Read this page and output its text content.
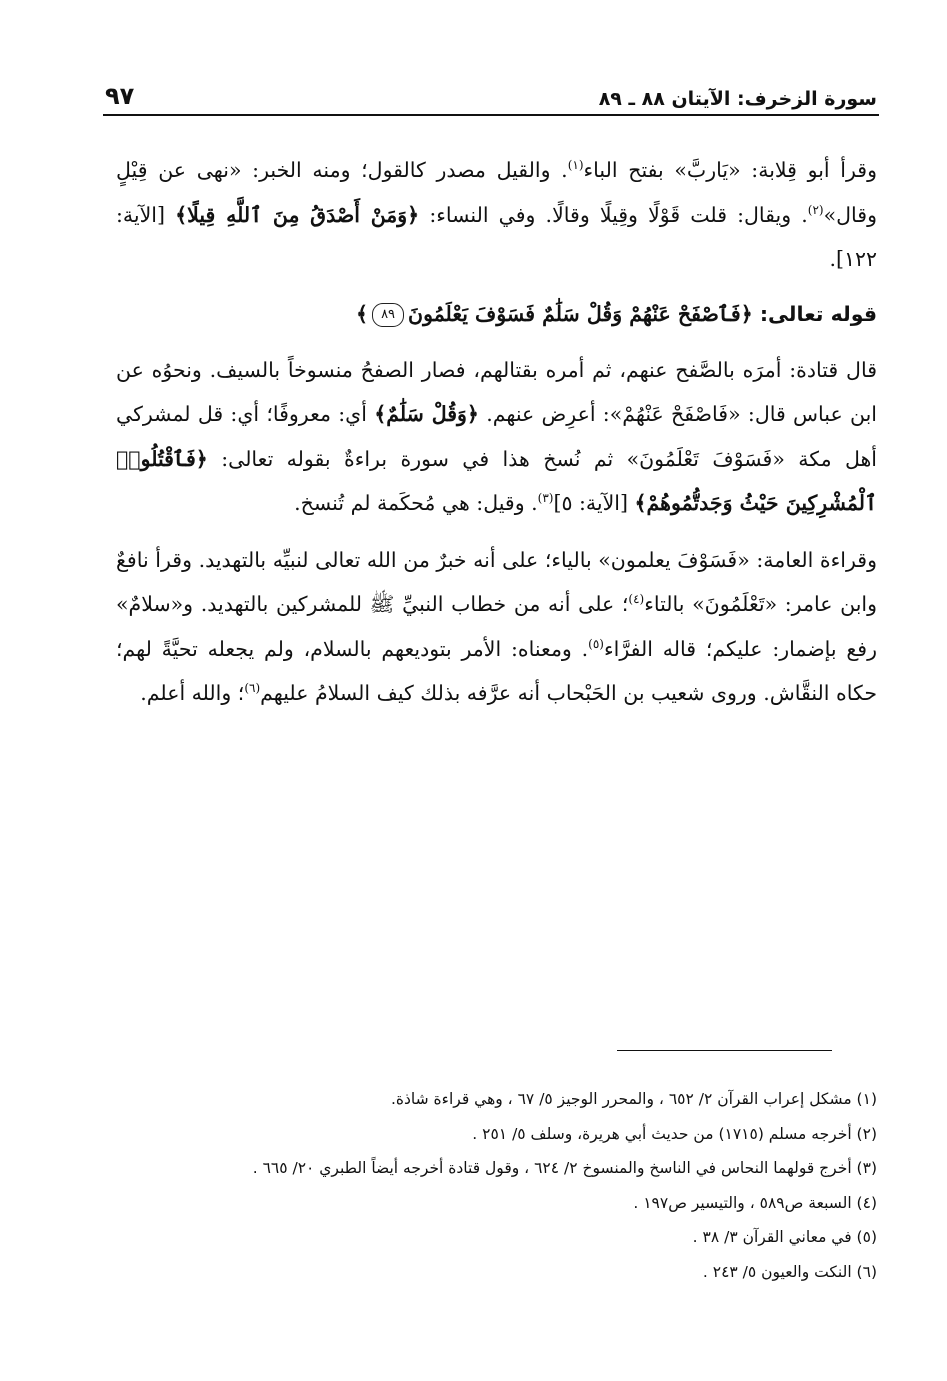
سورة الزخرف: الآيتان ٨٨ ـ ٨٩
٩٧

وقرأ أبو قِلابة: «يَاربَّ» بفتح الباء$^{(١)}$. والقيل مصدر كالقول؛ ومنه الخبر: «نهى عن قِيْلٍ وقال»$^{(٢)}$. ويقال: قلت قَوْلًا وقِيلًا وقالًا. وفي النساء: ﴿وَمَنْ أَصْدَقُ مِنَ ٱللَّهِ قِيلًا﴾ [الآية: ١٢٢].

قوله تعالى: ﴿فَٱصْفَحْ عَنْهُمْ وَقُلْ سَلَٰمٌ فَسَوْفَ يَعْلَمُونَ٨٩﴾

قال قتادة: أمرَه بالصَّفح عنهم، ثم أمره بقتالهم، فصار الصفحُ منسوخاً بالسيف. ونحوُه عن ابن عباس قال: «فَاصْفَحْ عَنْهُمْ»: أعرِض عنهم. ﴿وَقُلْ سَلَٰمٌ﴾ أي: معروفًا؛ أي: قل لمشركي أهل مكة «فَسَوْفَ تَعْلَمُونَ» ثم نُسخ هذا في سورة براءةٌ بقوله تعالى: ﴿فَٱقْتُلُوا۟ ٱلْمُشْرِكِينَ حَيْثُ وَجَدتُّمُوهُمْ﴾ [الآية: ٥]$^{(٣)}$. وقيل: هي مُحكَمة لم تُنسخ.

وقراءة العامة: «فَسَوْفَ يعلمون» بالياء؛ على أنه خبرٌ من الله تعالى لنبيِّه بالتهديد. وقرأ نافعٌ وابن عامر: «تَعْلَمُونَ» بالتاء$^{(٤)}$؛ على أنه من خطاب النبيِّ ﷺ للمشركين بالتهديد. و«سلامٌ» رفع بإضمار: عليكم؛ قاله الفرَّاء$^{(٥)}$. ومعناه: الأمر بتوديعهم بالسلام، ولم يجعله تحيَّةً لهم؛ حكاه النقَّاش. وروى شعيب بن الحَبْحاب أنه عرَّفه بذلك كيف السلامُ عليهم$^{(٦)}$؛ والله أعلم.

(١) مشكل إعراب القرآن ٢/ ٦٥٢ ، والمحرر الوجيز ٥/ ٦٧ ، وهي قراءة شاذة.

(٢) أخرجه مسلم (١٧١٥) من حديث أبي هريرة، وسلف ٥/ ٢٥١ .

(٣) أخرج قولهما النحاس في الناسخ والمنسوخ ٢/ ٦٢٤ ، وقول قتادة أخرجه أيضاً الطبري ٢٠/ ٦٦٥ .

(٤) السبعة ص٥٨٩ ، والتيسير ص١٩٧ .

(٥) في معاني القرآن ٣/ ٣٨ .

(٦) النكت والعيون ٥/ ٢٤٣ .
